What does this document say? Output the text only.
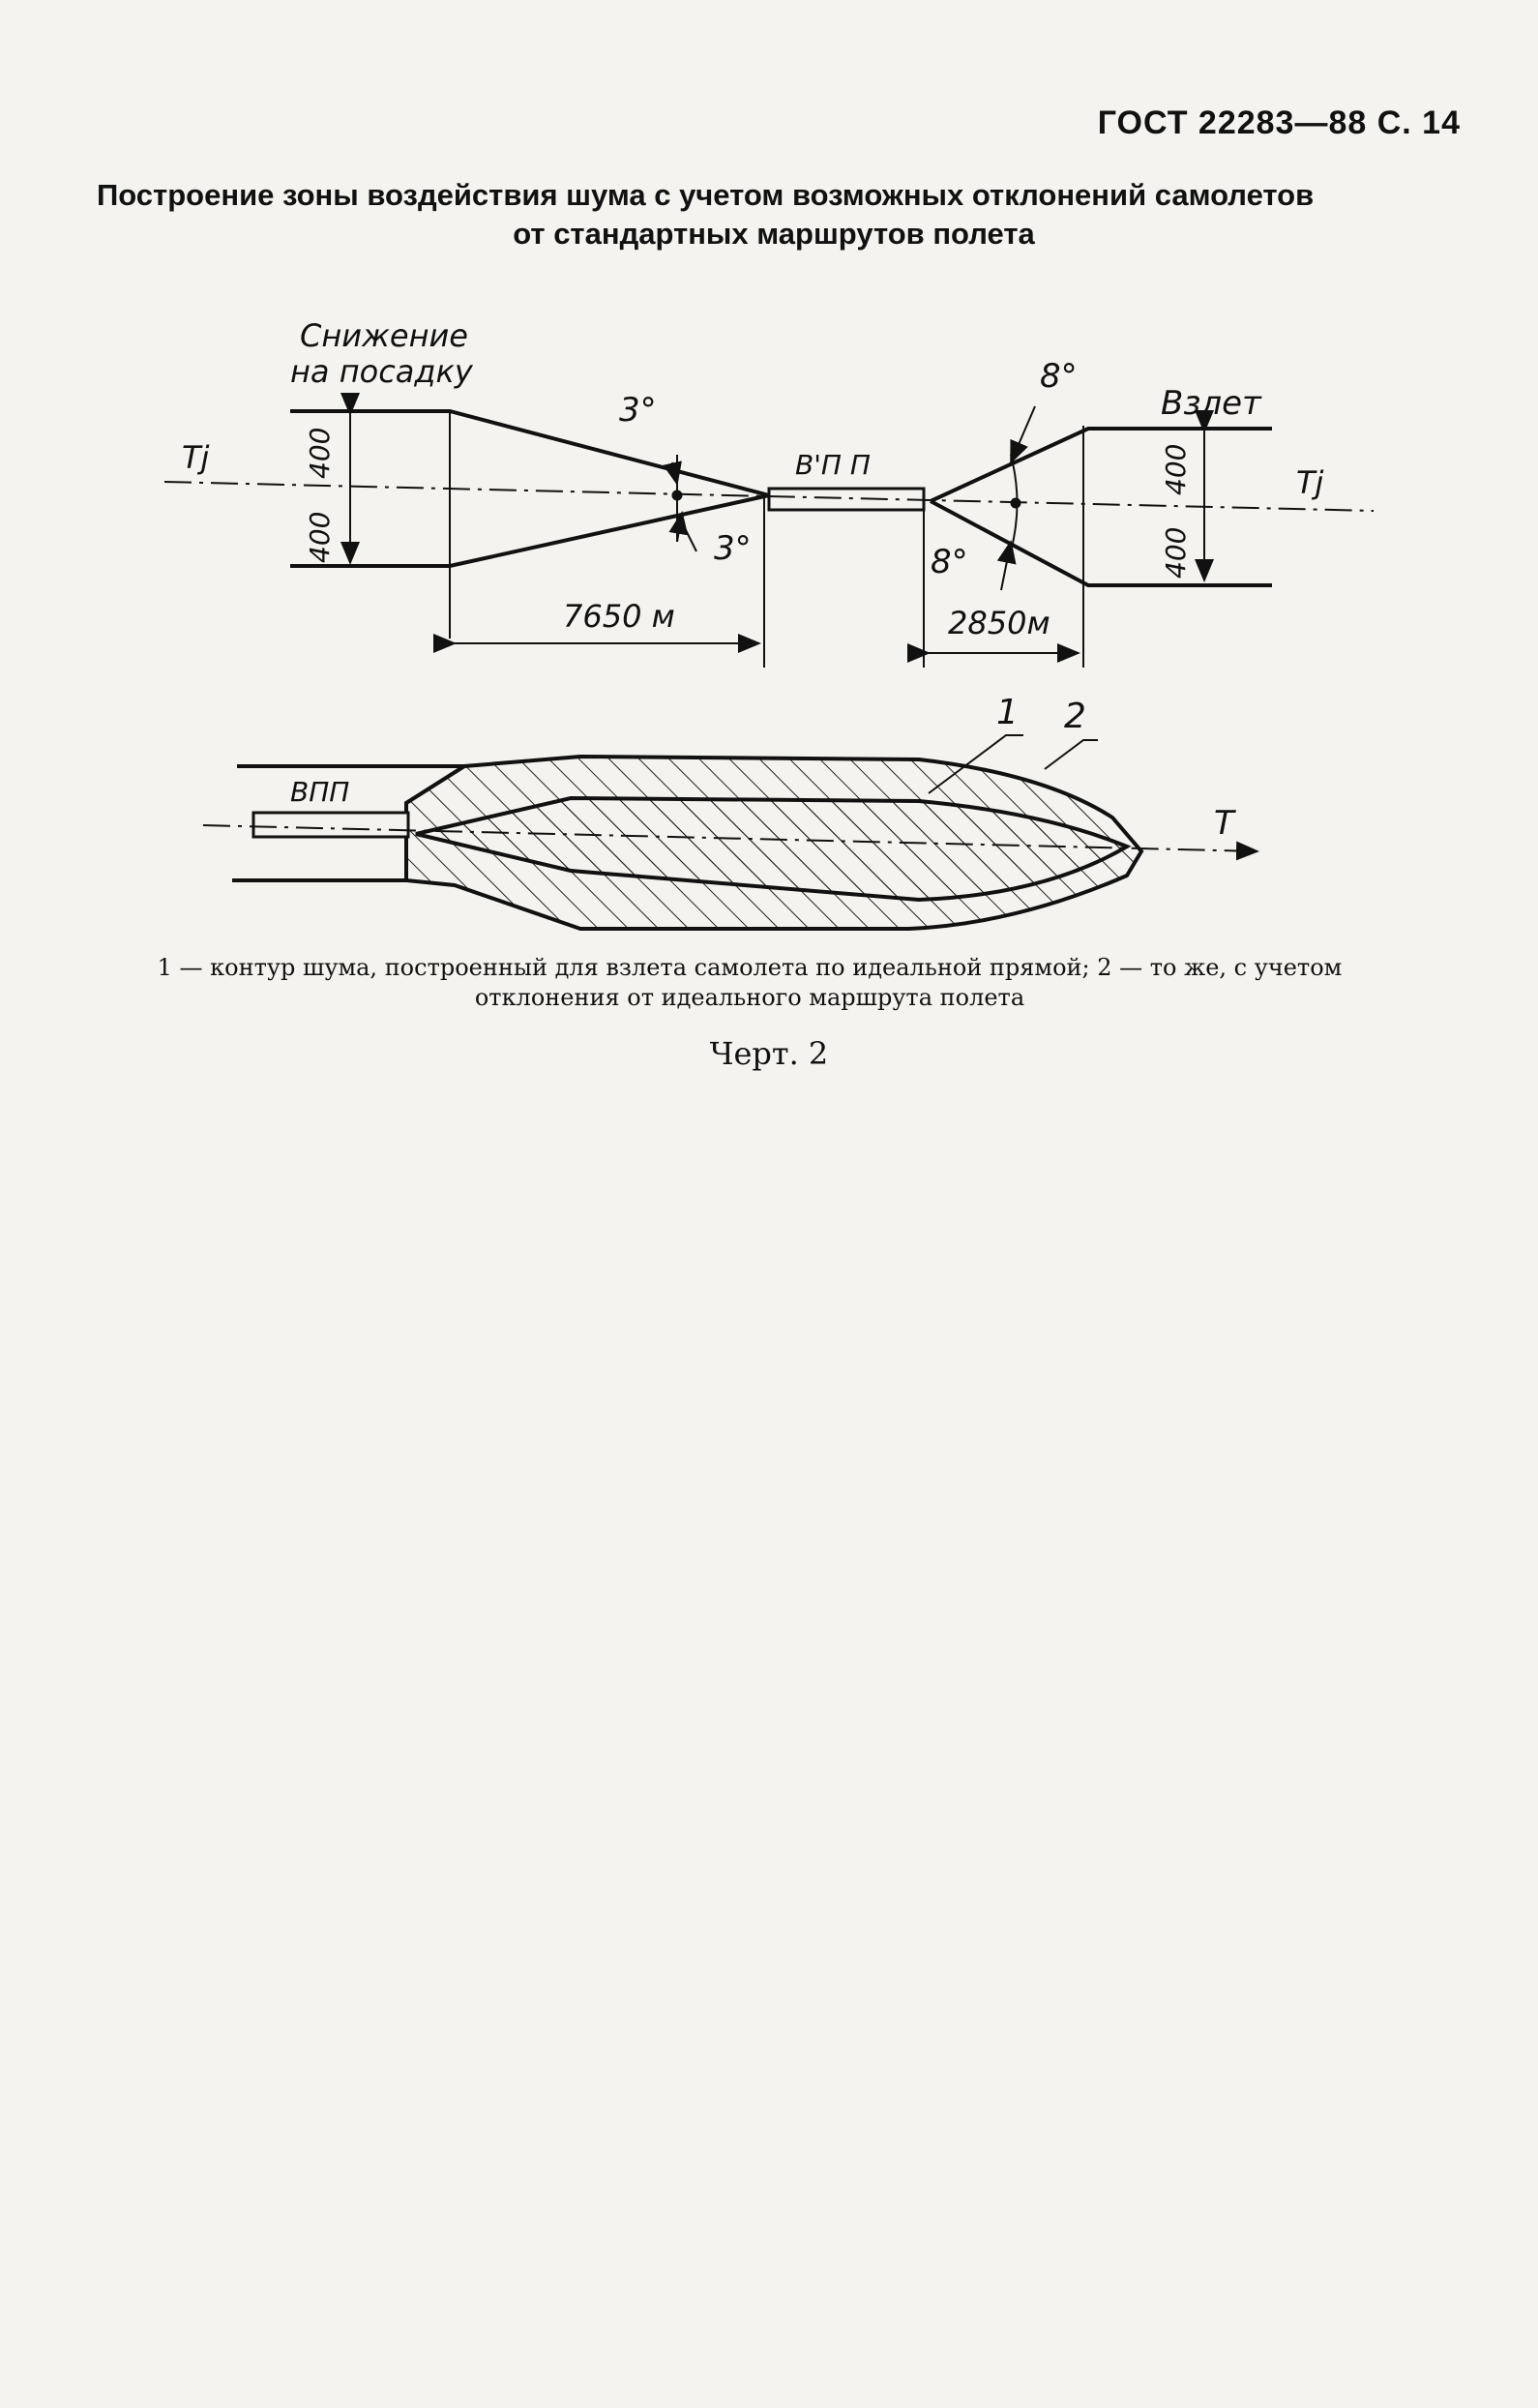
ГОСТ 22283—88 С. 14
Построение зоны воздействия шума с учетом возможных отклонений самолетов
от стандартных маршрутов полета
Снижение
на посадку
Взлет
Tj
Tj
В'П П
3°
3°
8°
8°
7650 м	2850м
400
400
400
400
ВПП
T
1 2
1 — контур шума, построенный для взлета самолета по идеальной прямой; 2 — то же, с учетом отклонения от идеального маршрута полета
Черт. 2
